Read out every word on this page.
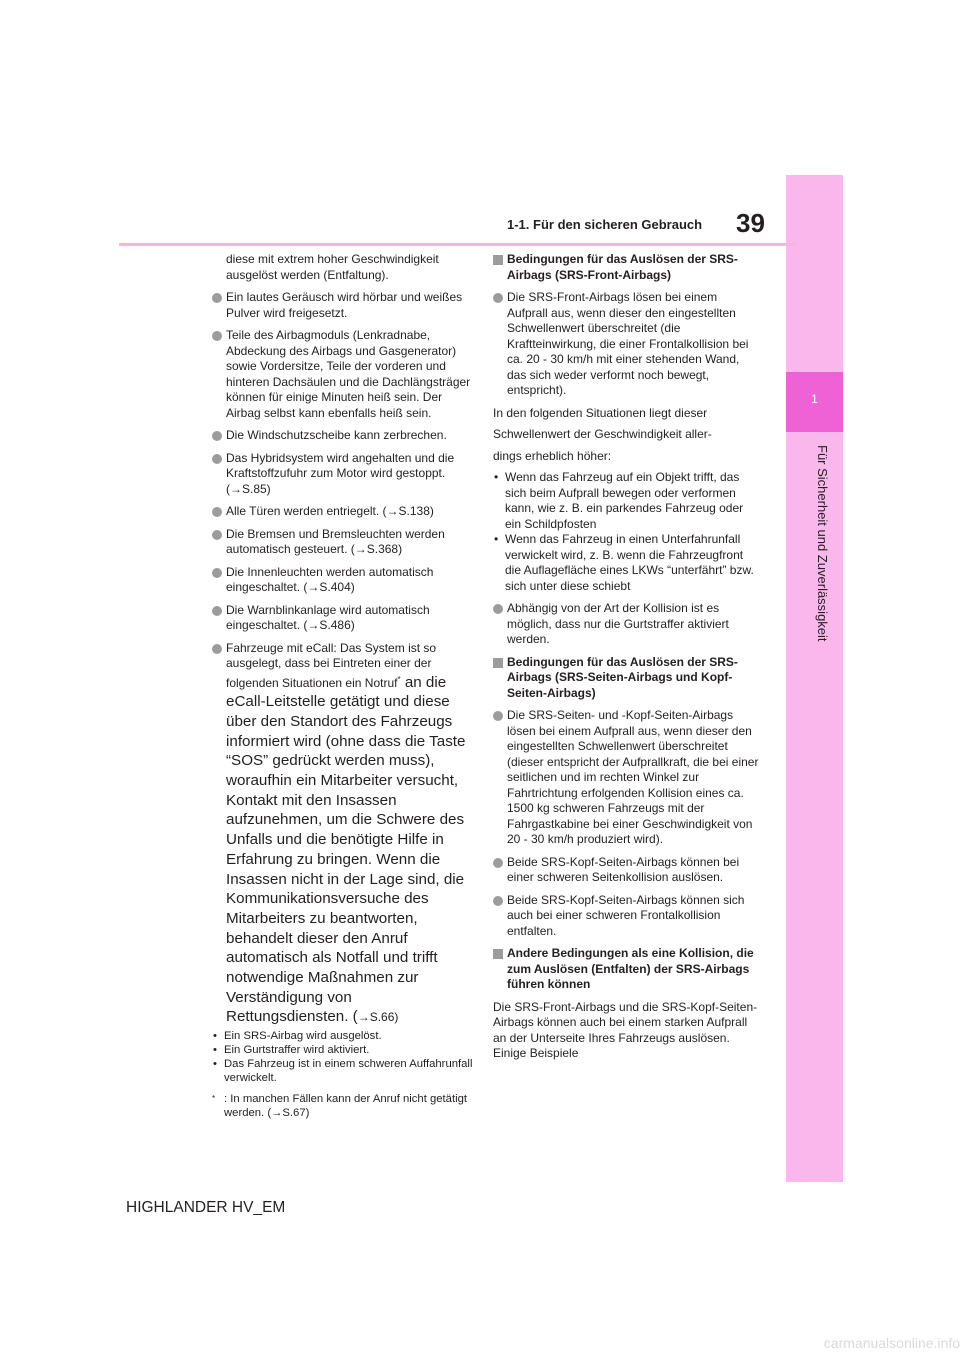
1
Für Sicherheit und Zuverlässigkeit
39
1-1. Für den sicheren Gebrauch

diese mit extrem hoher Geschwindigkeit ausgelöst werden (Entfaltung).

Ein lautes Geräusch wird hörbar und weißes Pulver wird freigesetzt.

Teile des Airbagmoduls (Lenkradnabe, Abdeckung des Airbags und Gasgenerator) sowie Vordersitze, Teile der vorderen und hinteren Dachsäulen und die Dachlängsträger können für einige Minuten heiß sein. Der Airbag selbst kann ebenfalls heiß sein.

Die Windschutzscheibe kann zerbrechen.

Das Hybridsystem wird angehalten und die Kraftstoffzufuhr zum Motor wird gestoppt. (→S.85)

Alle Türen werden entriegelt. (→S.138)

Die Bremsen und Bremsleuchten werden automatisch gesteuert. (→S.368)

Die Innenleuchten werden automatisch eingeschaltet. (→S.404)

Die Warnblinkanlage wird automatisch eingeschaltet. (→S.486)

Fahrzeuge mit eCall: Das System ist so ausgelegt, dass bei Eintreten einer der folgenden Situationen ein Notruf* an die eCall-Leitstelle getätigt und diese über den Standort des Fahrzeugs informiert wird (ohne dass die Taste “SOS” gedrückt werden muss), woraufhin ein Mitarbeiter versucht, Kontakt mit den Insassen aufzunehmen, um die Schwere des Unfalls und die benötigte Hilfe in Erfahrung zu bringen. Wenn die Insassen nicht in der Lage sind, die Kommunikationsversuche des Mitarbeiters zu beantworten, behandelt dieser den Anruf automatisch als Notfall und trifft notwendige Maßnahmen zur Verständigung von Rettungsdiensten. (→S.66)

• Ein SRS-Airbag wird ausgelöst.
• Ein Gurtstraffer wird aktiviert.
• Das Fahrzeug ist in einem schweren Auffahrunfall verwickelt.
* : In manchen Fällen kann der Anruf nicht getätigt werden. (→S.67)

Bedingungen für das Auslösen der SRS-Airbags (SRS-Front-Airbags)

Die SRS-Front-Airbags lösen bei einem Aufprall aus, wenn dieser den eingestellten Schwellenwert überschreitet (die Kraftteinwirkung, die einer Frontalkollision bei ca. 20 - 30 km/h mit einer stehenden Wand, das sich weder verformt noch bewegt, entspricht).

In den folgenden Situationen liegt dieser

Schwellenwert der Geschwindigkeit aller-

dings erheblich höher:

• Wenn das Fahrzeug auf ein Objekt trifft, das sich beim Aufprall bewegen oder verformen kann, wie z. B. ein parkendes Fahrzeug oder ein Schildpfosten
• Wenn das Fahrzeug in einen Unterfahrunfall verwickelt wird, z. B. wenn die Fahrzeugfront die Auflagefläche eines LKWs “unterfährt” bzw. sich unter diese schiebt

Abhängig von der Art der Kollision ist es möglich, dass nur die Gurtstraffer aktiviert werden.

Bedingungen für das Auslösen der SRS-Airbags (SRS-Seiten-Airbags und Kopf-Seiten-Airbags)

Die SRS-Seiten- und -Kopf-Seiten-Airbags lösen bei einem Aufprall aus, wenn dieser den eingestellten Schwellenwert überschreitet (dieser entspricht der Aufprallkraft, die bei einer seitlichen und im rechten Winkel zur Fahrtrichtung erfolgenden Kollision eines ca. 1500 kg schweren Fahrzeugs mit der Fahrgastkabine bei einer Geschwindigkeit von 20 - 30 km/h produziert wird).

Beide SRS-Kopf-Seiten-Airbags können bei einer schweren Seitenkollision auslösen.

Beide SRS-Kopf-Seiten-Airbags können sich auch bei einer schweren Frontalkollision entfalten.

Andere Bedingungen als eine Kollision, die zum Auslösen (Entfalten) der SRS-Airbags führen können

Die SRS-Front-Airbags und die SRS-Kopf-Seiten-Airbags können auch bei einem starken Aufprall an der Unterseite Ihres Fahrzeugs auslösen. Einige Beispiele

HIGHLANDER HV_EM
carmanualsonline.info
